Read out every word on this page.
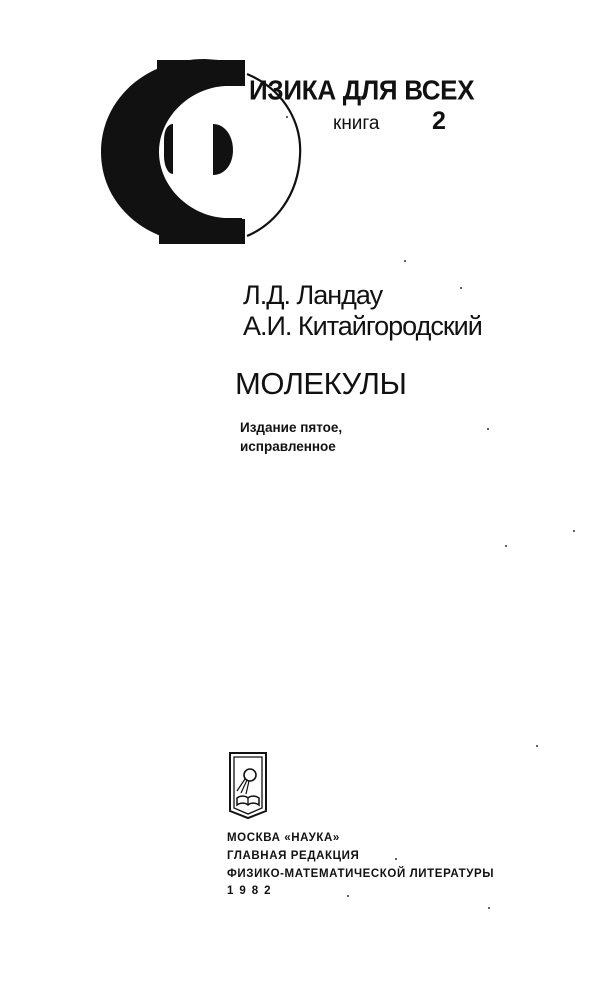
ИЗИКА ДЛЯ ВСЕХ
книга 2
Л.Д. Ландау
А.И. Китайгородский
МОЛЕКУЛЫ
Издание пятое,
исправленное
МОСКВА «НАУКА»
ГЛАВНАЯ РЕДАКЦИЯ
ФИЗИКО-МАТЕМАТИЧЕСКОЙ ЛИТЕРАТУРЫ
1982
